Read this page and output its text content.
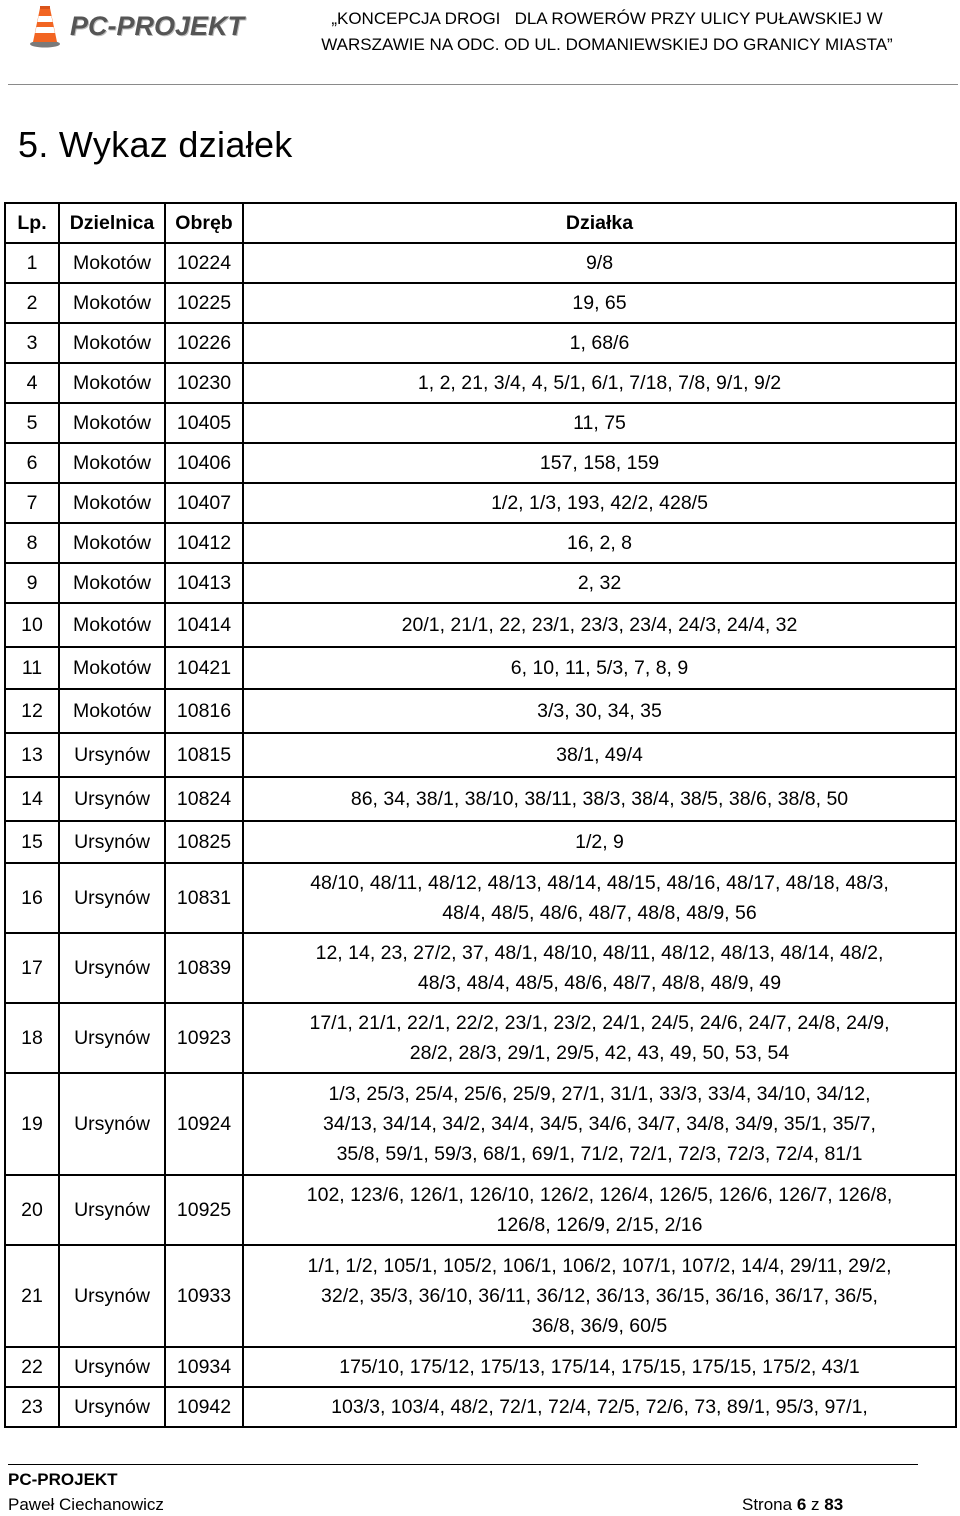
PC-PROJEKT	„KONCEPCJA DROGI   DLA ROWERÓW PRZY ULICY PUŁAWSKIEJ W
WARSZAWIE NA ODC. OD UL. DOMANIEWSKIEJ DO GRANICY MIASTA”
5. Wykaz działek
Lp.	Dzielnica	Obręb	Działka
1	Mokotów	10224	9/8

2	Mokotów	10225	19, 65

3	Mokotów	10226	1, 68/6

4	Mokotów	10230	1, 2, 21, 3/4, 4, 5/1, 6/1, 7/18, 7/8, 9/1, 9/2

5	Mokotów	10405	11, 75

6	Mokotów	10406	157, 158, 159

7	Mokotów	10407	1/2, 1/3, 193, 42/2, 428/5

8	Mokotów	10412	16, 2, 8

9	Mokotów	10413	2, 32

10	Mokotów	10414	20/1, 21/1, 22, 23/1, 23/3, 23/4, 24/3, 24/4, 32

11	Mokotów	10421	6, 10, 11, 5/3, 7, 8, 9

12	Mokotów	10816	3/3, 30, 34, 35

13	Ursynów	10815	38/1, 49/4

14	Ursynów	10824	86, 34, 38/1, 38/10, 38/11, 38/3, 38/4, 38/5, 38/6, 38/8, 50

15	Ursynów	10825	1/2, 9

16	Ursynów	10831	48/10, 48/11, 48/12, 48/13, 48/14, 48/15, 48/16, 48/17, 48/18, 48/3,
48/4, 48/5, 48/6, 48/7, 48/8, 48/9, 56

17	Ursynów	10839	12, 14, 23, 27/2, 37, 48/1, 48/10, 48/11, 48/12, 48/13, 48/14, 48/2,
48/3, 48/4, 48/5, 48/6, 48/7, 48/8, 48/9, 49

18	Ursynów	10923	17/1, 21/1, 22/1, 22/2, 23/1, 23/2, 24/1, 24/5, 24/6, 24/7, 24/8, 24/9,
28/2, 28/3, 29/1, 29/5, 42, 43, 49, 50, 53, 54

19	Ursynów	10924	1/3, 25/3, 25/4, 25/6, 25/9, 27/1, 31/1, 33/3, 33/4, 34/10, 34/12,
34/13, 34/14, 34/2, 34/4, 34/5, 34/6, 34/7, 34/8, 34/9, 35/1, 35/7,
35/8, 59/1, 59/3, 68/1, 69/1, 71/2, 72/1, 72/3, 72/3, 72/4, 81/1

20	Ursynów	10925	102, 123/6, 126/1, 126/10, 126/2, 126/4, 126/5, 126/6, 126/7, 126/8,
126/8, 126/9, 2/15, 2/16

21	Ursynów	10933	1/1, 1/2, 105/1, 105/2, 106/1, 106/2, 107/1, 107/2, 14/4, 29/11, 29/2,
32/2, 35/3, 36/10, 36/11, 36/12, 36/13, 36/15, 36/16, 36/17, 36/5,
36/8, 36/9, 60/5

22	Ursynów	10934	175/10, 175/12, 175/13, 175/14, 175/15, 175/15, 175/2, 43/1

23	Ursynów	10942	103/3, 103/4, 48/2, 72/1, 72/4, 72/5, 72/6, 73, 89/1, 95/3, 97/1,
PC-PROJEKT
Paweł Ciechanowicz	Strona 6 z 83
